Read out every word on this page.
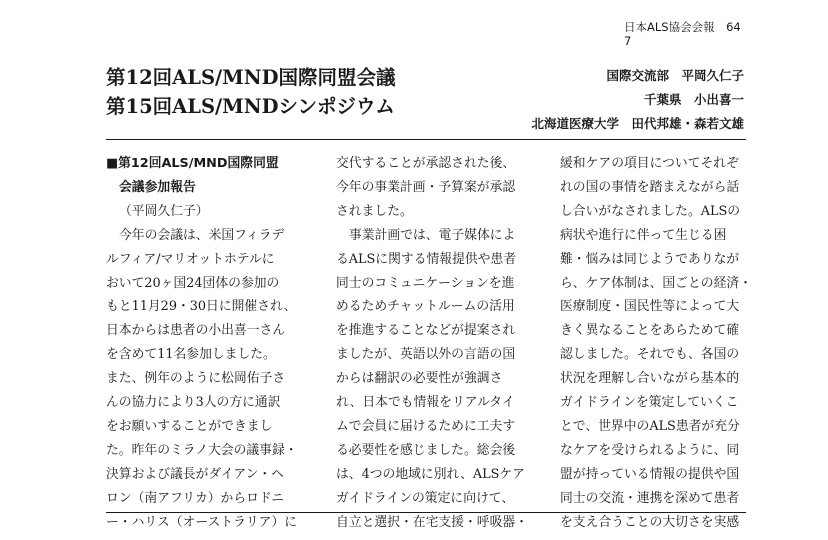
日本ALS協会会報　64
7
第12回ALS/MND国際同盟会議
第15回ALS/MNDシンポジウム
国際交流部　平岡久仁子
千葉県　小出喜一
北海道医療大学　田代邦雄・森若文雄
■第12回ALS/MND国際同盟
会議参加報告
（平岡久仁子）
今年の会議は、米国フィラデ
ルフィア/マリオットホテルに
おいて20ヶ国24団体の参加の
もと11月29・30日に開催され、
日本からは患者の小出喜一さん
を含めて11名参加しました。
また、例年のように松岡佑子さ
んの協力により3人の方に通訳
をお願いすることができまし
た。昨年のミラノ大会の議事録・
決算および議長がダイアン・ヘ
ロン（南アフリカ）からロドニ
ー・ハリス（オーストラリア）に
交代することが承認された後、
今年の事業計画・予算案が承認
されました。
事業計画では、電子媒体によ
るALSに関する情報提供や患者
同士のコミュニケーションを進
めるためチャットルームの活用
を推進することなどが提案され
ましたが、英語以外の言語の国
からは翻訳の必要性が強調さ
れ、日本でも情報をリアルタイ
ムで会員に届けるために工夫す
る必要性を感じました。総会後
は、4つの地域に別れ、ALSケア
ガイドラインの策定に向けて、
自立と選択・在宅支援・呼吸器・
緩和ケアの項目についてそれぞ
れの国の事情を踏まえながら話
し合いがなされました。ALSの
病状や進行に伴って生じる困
難・悩みは同じようでありなが
ら、ケア体制は、国ごとの経済・
医療制度・国民性等によって大
きく異なることをあらためて確
認しました。それでも、各国の
状況を理解し合いながら基本的
ガイドラインを策定していくこ
とで、世界中のALS患者が充分
なケアを受けられるように、同
盟が持っている情報の提供や国
同士の交流・連携を深めて患者
を支え合うことの大切さを実感
